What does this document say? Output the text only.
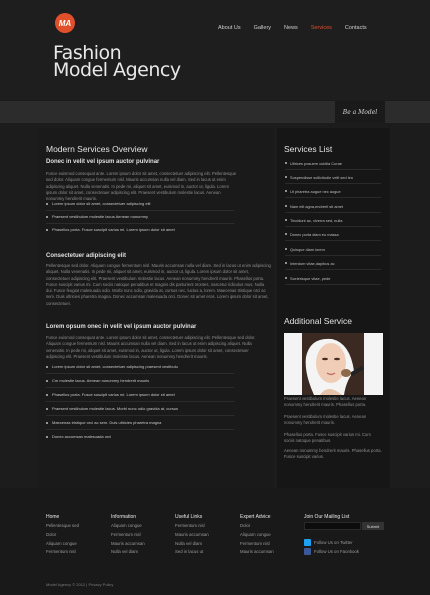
MA
Fashion
Model Agency
About Us Gallery News Services Contacts
Be a Model
Modern Services Overview
Donec in velit vel ipsum auctor pulvinar
Fusce euismod consequat ante. Lorem ipsum dolor sit amet, consectetuer adipiscing elit. Pellentesque sed dolor. Aliquam congue fermentum nisl. Mauris accumsan nulla vel diam. Sed in lacus ut enim adipiscing aliquet. Nulla venenatis. In pede mi, aliquet sit amet, euismod in, auctor ut, ligula. Lorem ipsum dolor sit amet, consectetuer adipiscing elit. Praesent vestibulum molestie lacus. Aenean nonummy hendrerit mauris.
Lorem ipsum dolor sit amet, consectetuer adipiscing elit
Praesent vestibulum molestie lacus Aenean nonummy
Phasellus porta. Fusce suscipit varius mi. Lorem ipsum dolor sit amet
Consectetuer adipiscing elit
Pellentesque sed dolor. Aliquam congue fermentum nisl. Mauris accumsan nulla vel diam. Sed in lacus ut enim adipiscing aliquet. Nulla venenatis. In pede mi, aliquet sit amet, euismod in, auctor ut, ligula. Lorem ipsum dolor sit amet, consectetuer adipiscing elit. Praesent vestibulum molestie lacus. Aenean nonummy hendrerit mauris. Phasellus porta. Fusce suscipit varius mi. Cum sociis natoque penatibus et magnis dis parturient montes, nascetur ridiculus mus. Nulla dui. Fusce feugiat malesuada odio. Morbi nunc odio, gravida at, cursus nec, luctus a, lorem. Maecenas tristique orci ac sem. Duis ultricies pharetra magna. Donec accumsan malesuada orci. Donec sit amet eros. Lorem ipsum dolor sit amet, consectetuer.
Lorem opsum onec in velit vel ipsum auctor pulvinar
Fusce euismod consequat ante. Lorem ipsum dolor sit amet, consectetuer adipiscing elit. Pellentesque sed dolor. Aliquam congue fermentum nisl. Mauris accumsan nulla vel diam. Sed in lacus ut enim adipiscing aliquet. Nulla venenatis. In pede mi, aliquet sit amet, euismod in, auctor ut, ligula. Lorem ipsum dolor sit amet, consectetuer adipiscing elit. Praesent vestibulum molestie lacus. Aenean nonummy hendrerit mauris.
Lorem ipsum dolor sit amet, consectetuer adipiscing praesent vestibulu
Cm molestie lacus. Aenean nonummy hendrerit mauris
Phasellus porta. Fusce suscipit varius mi. Lorem ipsum dolor sit amet
Praesent vestibulum molestie lacus. Morbi nunc odio gravida at, cursus
Maecenas tristique orci ac sem. Duis ultricies pharetra magna
Donec accumsan malesuada orci
Services List
Ultrices posuere cubilia Curae
Suspendisse sollicitudin velit sed leo
Ut pharetra augue nec augue
Nam elit agna,endrerit sit amet
Tincidunt ac, viverra sed, nulla
Donec porta diam eu massa
Quisque diam lorem
Interdum vitae,dapibus ac
Scelerisque vitae, pede
Additional Service
Praesent vestibulum molestie lacus. Aenean nonummy hendrerit mauris. Phasellus porta.
Praesent vestibulum molestie lacus. Aenean nonummy hendrerit mauris.
Phasellus porta. Fusce suscipit varius mi. Cum sociis natoque penatibus.
Aenean nonummy hendrerit mauris. Phasellus porta. Fusce suscipit varius.
Home
Pellentesque sed
Dolor
Aliquam congue
Fermentum nisl
Information
Aliquam congue
Fermentum nisl
Mauris accumsan
Nulla vel diam
Useful Links
Fermentum nisl
Mauris accumsan
Nulla vel diam
Sed in lacus ut
Expert Advice
Dolor
Aliquam congue
Fermentum nisl
Mauris accumsan
Join Our Mailing List
Submit
Follow Us on Twitter
Follow Us on Facebook
Model Agency © 2012 | Privacy Policy
